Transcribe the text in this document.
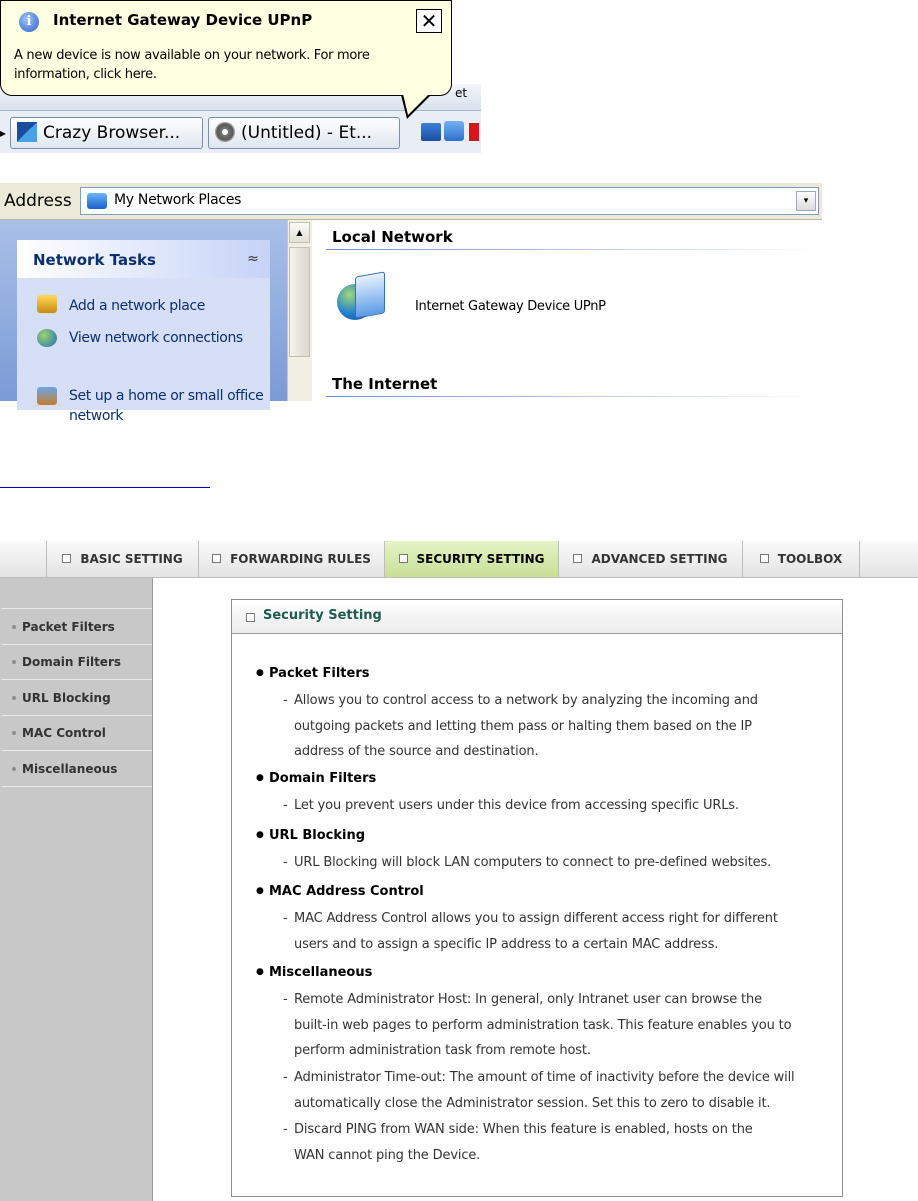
et
▸	Crazy Browser...	(Untitled) - Et...
i	Internet Gateway Device UPnP	✕
A new device is now available on your network. For more information, click here.
Address	My Network Places	▾
Network Tasks	≈
Add a network place
View network connections
Set up a home or small office network
▲	Local Network
Internet Gateway Device UPnP
The Internet
BASIC SETTING	FORWARDING RULES	SECURITY SETTING	ADVANCED SETTING	TOOLBOX
Packet Filters
Domain Filters
URL Blocking
MAC Control
Miscellaneous
Security Setting
● Packet Filters
- Allows you to control access to a network by analyzing the incoming and
outgoing packets and letting them pass or halting them based on the IP
address of the source and destination.
● Domain Filters
- Let you prevent users under this device from accessing specific URLs.
● URL Blocking
- URL Blocking will block LAN computers to connect to pre-defined websites.
● MAC Address Control
- MAC Address Control allows you to assign different access right for different
users and to assign a specific IP address to a certain MAC address.
● Miscellaneous
- Remote Administrator Host: In general, only Intranet user can browse the
built-in web pages to perform administration task. This feature enables you to
perform administration task from remote host.
- Administrator Time-out: The amount of time of inactivity before the device will
automatically close the Administrator session. Set this to zero to disable it.
- Discard PING from WAN side: When this feature is enabled, hosts on the
WAN cannot ping the Device.
